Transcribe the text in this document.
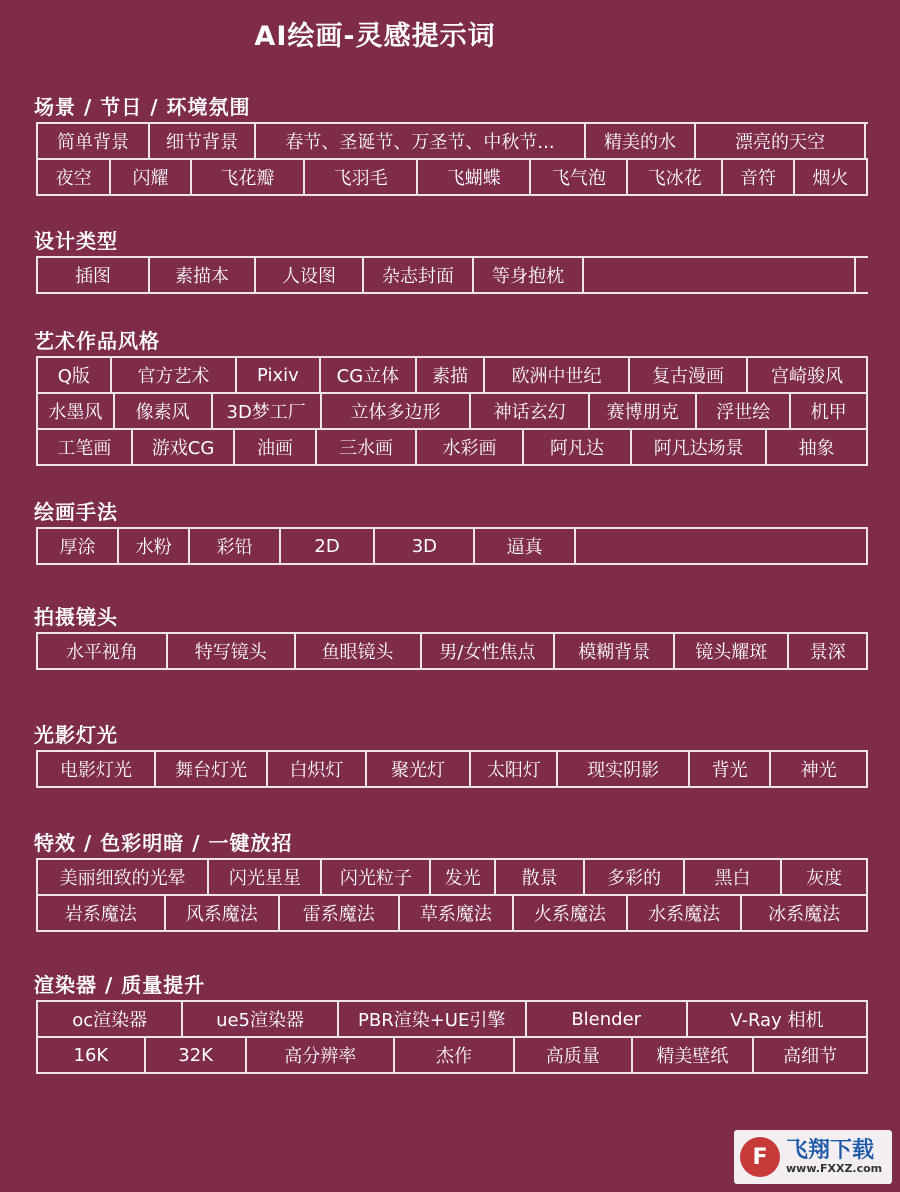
AI绘画-灵感提示词
场景 / 节日 / 环境氛围
简单背景	细节背景	春节、圣诞节、万圣节、中秋节...	精美的水	漂亮的天空
夜空	闪耀	飞花瓣	飞羽毛	飞蝴蝶	飞气泡	飞冰花	音符	烟火
设计类型
插图	素描本	人设图	杂志封面	等身抱枕
艺术作品风格
Q版	官方艺术	Pixiv	CG立体	素描	欧洲中世纪	复古漫画	宫崎骏风
水墨风	像素风	3D梦工厂	立体多边形	神话玄幻	赛博朋克	浮世绘	机甲
工笔画	游戏CG	油画	三水画	水彩画	阿凡达	阿凡达场景	抽象
绘画手法
厚涂	水粉	彩铅	2D	3D	逼真
拍摄镜头
水平视角	特写镜头	鱼眼镜头	男/女性焦点	模糊背景	镜头耀斑	景深
光影灯光
电影灯光	舞台灯光	白炽灯	聚光灯	太阳灯	现实阴影	背光	神光
特效 / 色彩明暗 / 一键放招
美丽细致的光晕	闪光星星	闪光粒子	发光	散景	多彩的	黑白	灰度
岩系魔法	风系魔法	雷系魔法	草系魔法	火系魔法	水系魔法	冰系魔法
渲染器 / 质量提升
oc渲染器	ue5渲染器	PBR渲染+UE引擎	Blender	V-Ray 相机
16K	32K	高分辨率	杰作	高质量	精美壁纸	高细节
F 飞翔下载
www.FXXZ.com
